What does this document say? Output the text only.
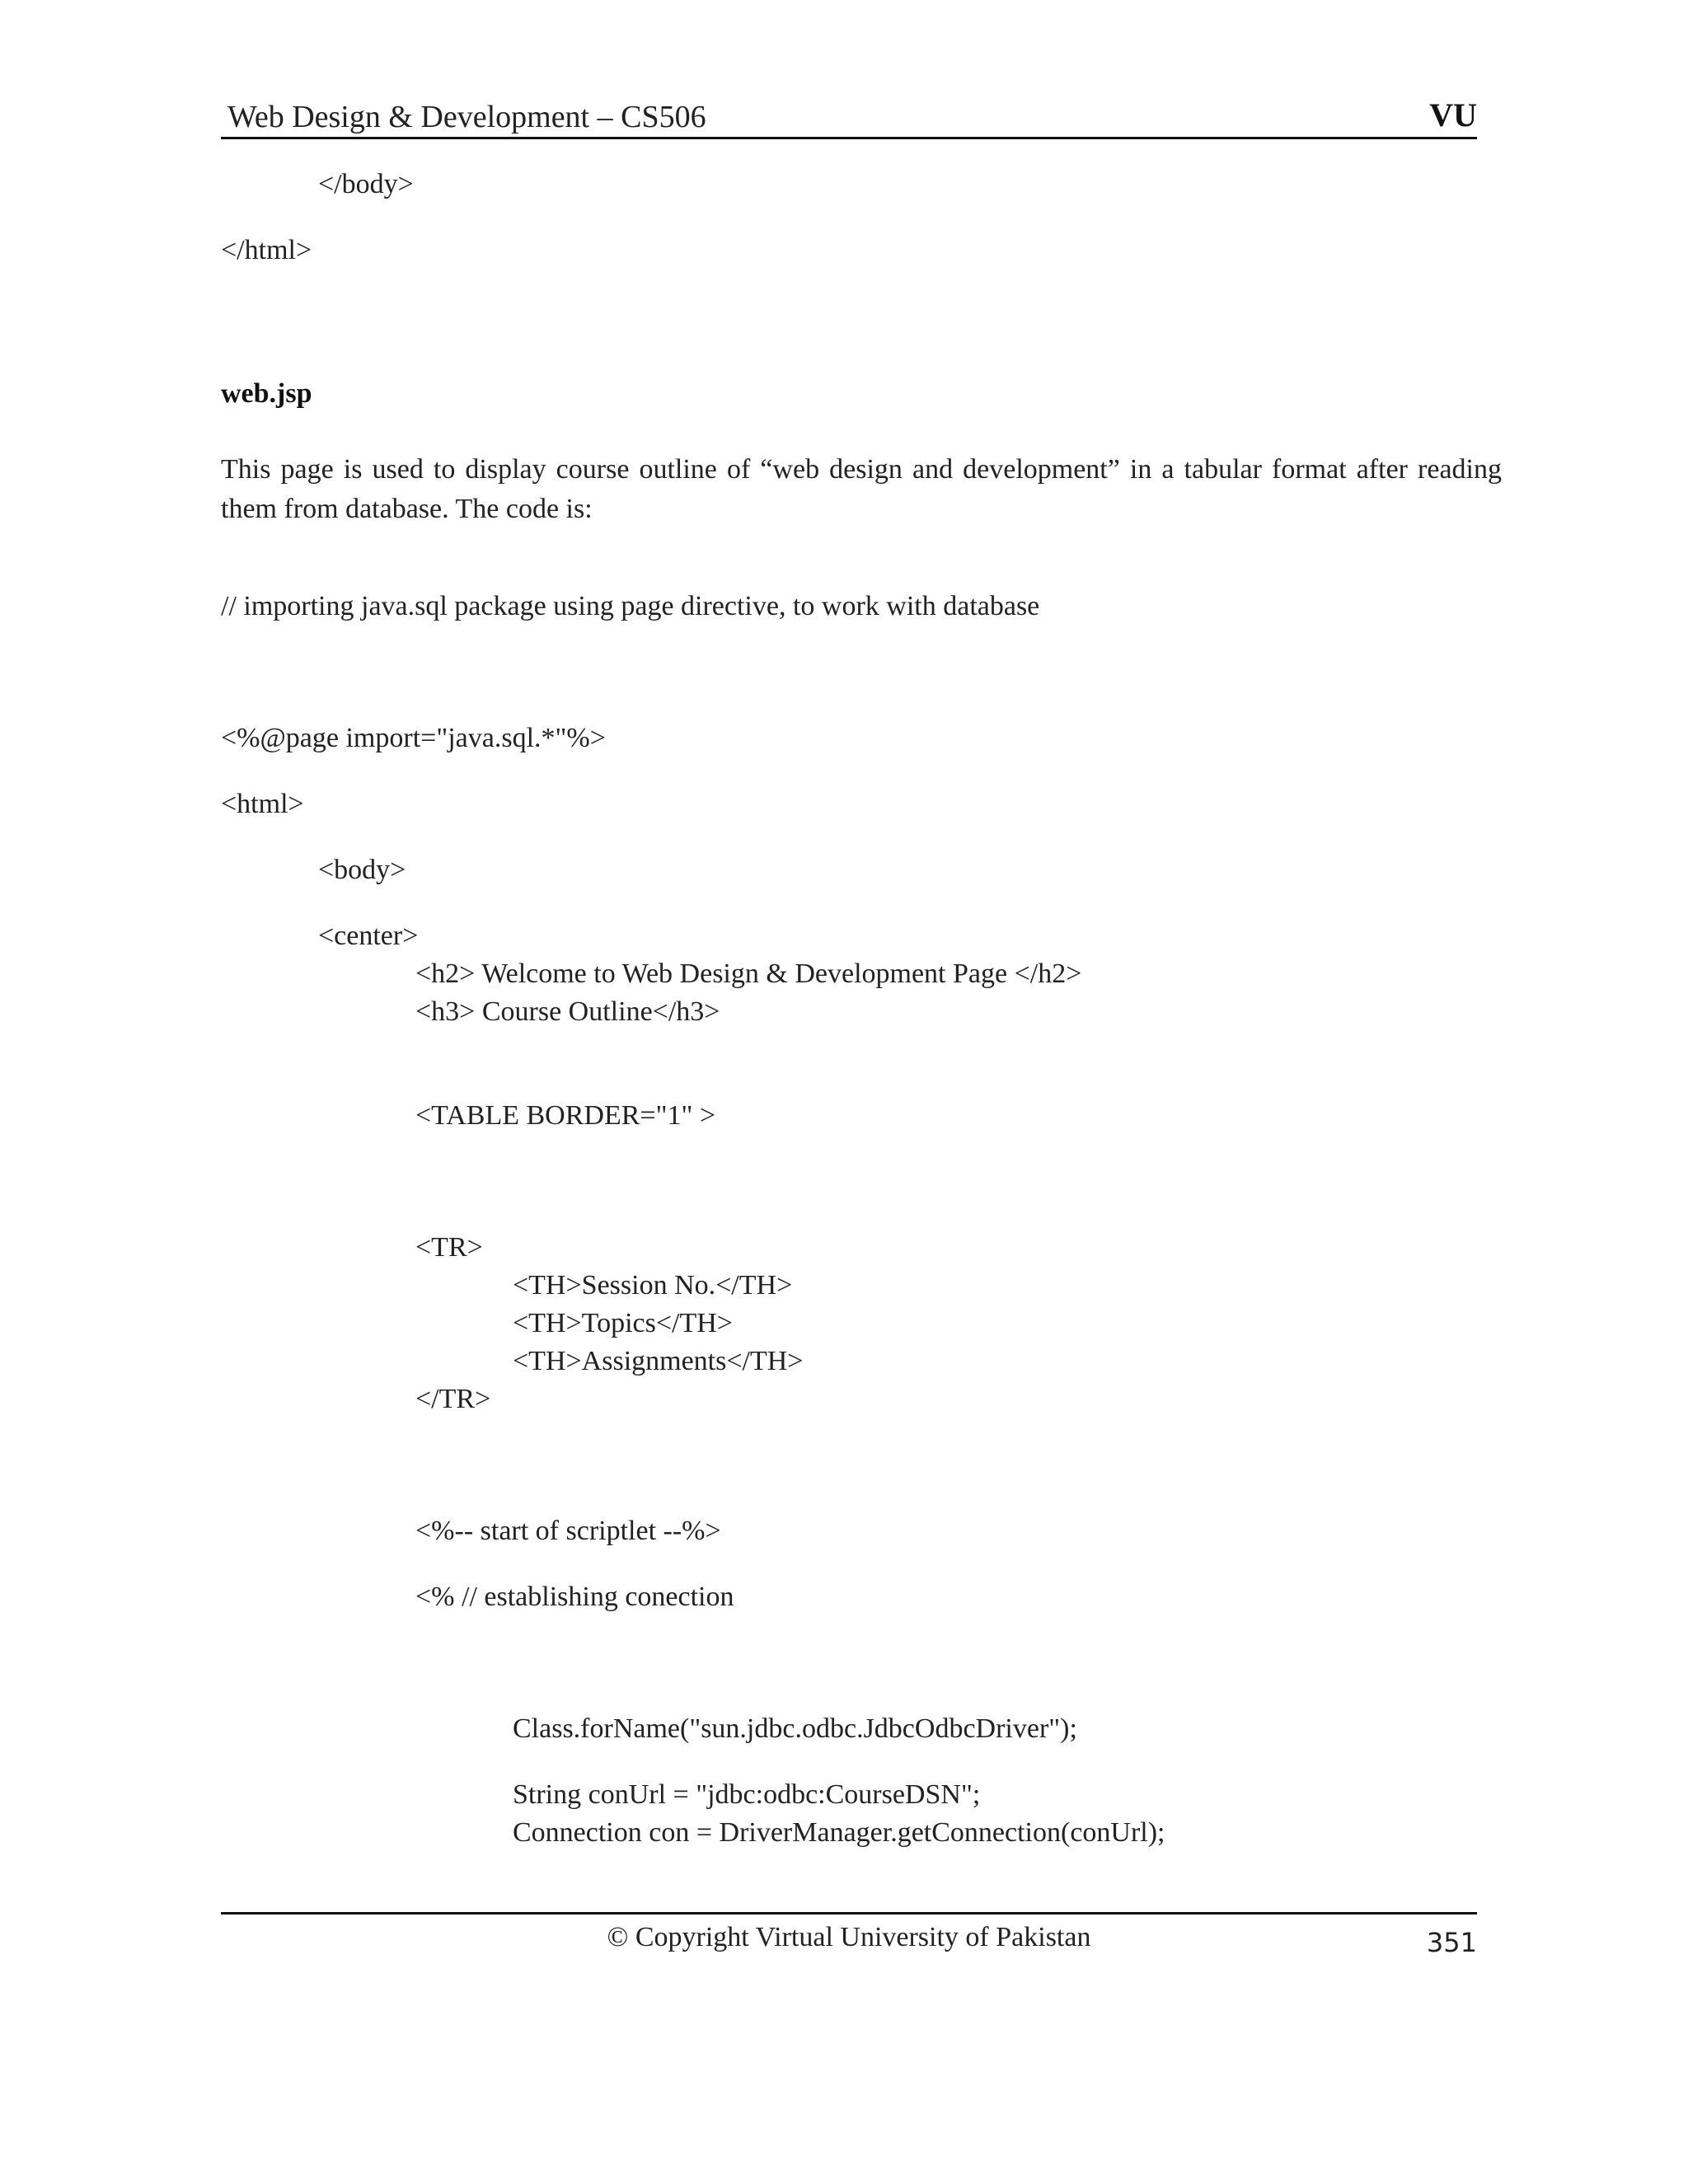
Web Design & Development – CS506	VU
</body>
</html>
web.jsp
This page is used to display course outline of “web design and development” in a tabular format after reading them from database. The code is:
// importing java.sql package using page directive, to work with database
<%@page import="java.sql.*"%>
<html>
<body>
<center>
<h2> Welcome to Web Design & Development Page </h2>
<h3> Course Outline</h3>
<TABLE BORDER="1" >
<TR>
<TH>Session No.</TH>
<TH>Topics</TH>
<TH>Assignments</TH>
</TR>
<%-- start of scriptlet --%>
<% // establishing conection
Class.forName("sun.jdbc.odbc.JdbcOdbcDriver");
String conUrl = "jdbc:odbc:CourseDSN";
Connection con = DriverManager.getConnection(conUrl);
© Copyright Virtual University of Pakistan	351
